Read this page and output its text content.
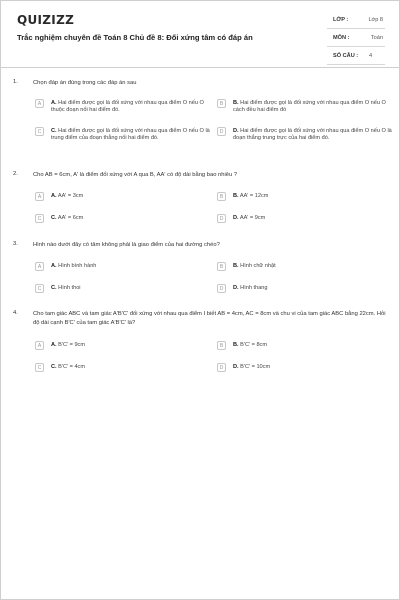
QUIZIZZ
Trắc nghiệm chuyên đề Toán 8 Chủ đề 8: Đối xứng tâm có đáp án
LỚP :	Lớp 8
MÔN :	Toán
SỐ CÂU : 4
1.	Chọn đáp án đúng trong các đáp án sau
A	A. Hai điểm được gọi là đối xứng với nhau qua điểm O nếu O thuộc đoạn nối hai điểm đó.
B	B. Hai điểm được gọi là đối xứng với nhau qua điểm O nếu O cách đều hai điểm đó
C	C. Hai điểm được gọi là đối xứng với nhau qua điểm O nếu O là trung điểm của đoạn thẳng nối hai điểm đó.
D	D. Hai điểm được gọi là đối xứng với nhau qua điểm O nếu O là đoạn thẳng trung trực của hai điểm đó.
2.	Cho AB = 6cm, A' là điểm đối xứng với A qua B, AA' có độ dài bằng bao nhiêu ?
A	A. AA' = 3cm	B	B. AA' = 12cm
C	C. AA' = 6cm	D	D. AA' = 9cm
3.	Hình nào dưới đây có tâm không phải là giao điểm của hai đường chéo?
A	A. Hình bình hành	B	B. Hình chữ nhật
C	C. Hình thoi	D	D. Hình thang
4.	Cho tam giác ABC và tam giác A'B'C' đối xứng với nhau qua điểm I biết AB = 4cm, AC = 8cm và chu vi của tam giác ABC bằng 22cm. Hỏi độ dài cạnh B'C' của tam giác A'B'C' là?
A	A. B'C' = 9cm	B	B. B'C' = 8cm
C	C. B'C' = 4cm	D	D. B'C' = 10cm
